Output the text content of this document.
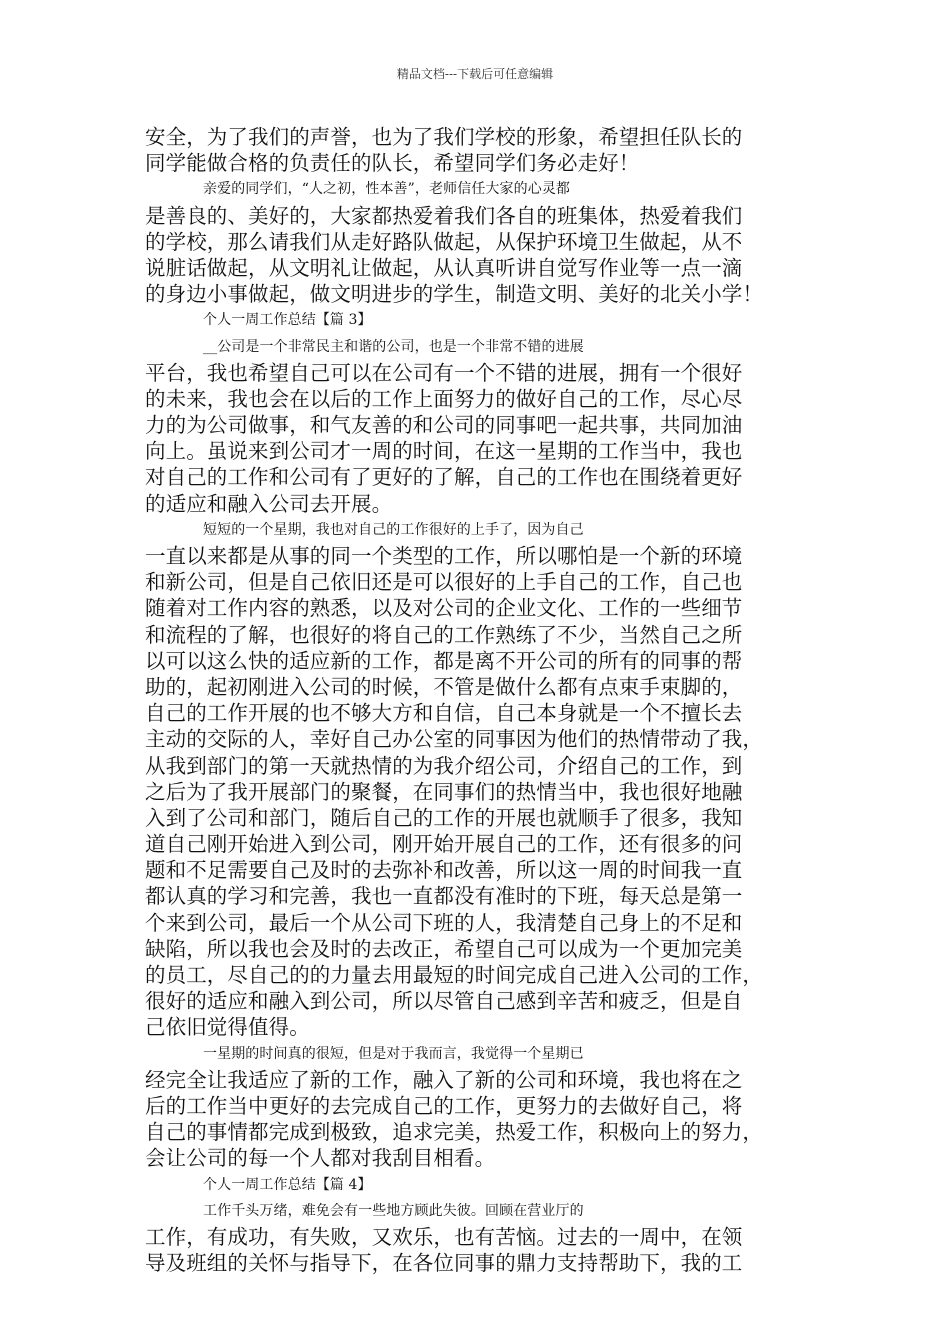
精品文档---下载后可任意编辑
安全，为了我们的声誉，也为了我们学校的形象，希望担任队长的
同学能做合格的负责任的队长，希望同学们务必走好！
亲爱的同学们，“人之初，性本善”，老师信任大家的心灵都
是善良的、美好的，大家都热爱着我们各自的班集体，热爱着我们
的学校，那么请我们从走好路队做起，从保护环境卫生做起，从不
说脏话做起，从文明礼让做起，从认真听讲自觉写作业等一点一滴
的身边小事做起，做文明进步的学生，制造文明、美好的北关小学！
个人一周工作总结【篇 3】
__公司是一个非常民主和谐的公司，也是一个非常不错的进展
平台，我也希望自己可以在公司有一个不错的进展，拥有一个很好
的未来，我也会在以后的工作上面努力的做好自己的工作，尽心尽
力的为公司做事，和气友善的和公司的同事吧一起共事，共同加油
向上。虽说来到公司才一周的时间，在这一星期的工作当中，我也
对自己的工作和公司有了更好的了解，自己的工作也在围绕着更好
的适应和融入公司去开展。
短短的一个星期，我也对自己的工作很好的上手了，因为自己
一直以来都是从事的同一个类型的工作，所以哪怕是一个新的环境
和新公司，但是自己依旧还是可以很好的上手自己的工作，自己也
随着对工作内容的熟悉，以及对公司的企业文化、工作的一些细节
和流程的了解，也很好的将自己的工作熟练了不少，当然自己之所
以可以这么快的适应新的工作，都是离不开公司的所有的同事的帮
助的，起初刚进入公司的时候，不管是做什么都有点束手束脚的，
自己的工作开展的也不够大方和自信，自己本身就是一个不擅长去
主动的交际的人，幸好自己办公室的同事因为他们的热情带动了我，
从我到部门的第一天就热情的为我介绍公司，介绍自己的工作，到
之后为了我开展部门的聚餐，在同事们的热情当中，我也很好地融
入到了公司和部门，随后自己的工作的开展也就顺手了很多，我知
道自己刚开始进入到公司，刚开始开展自己的工作，还有很多的问
题和不足需要自己及时的去弥补和改善，所以这一周的时间我一直
都认真的学习和完善，我也一直都没有准时的下班，每天总是第一
个来到公司，最后一个从公司下班的人，我清楚自己身上的不足和
缺陷，所以我也会及时的去改正，希望自己可以成为一个更加完美
的员工，尽自己的的力量去用最短的时间完成自己进入公司的工作，
很好的适应和融入到公司，所以尽管自己感到辛苦和疲乏，但是自
己依旧觉得值得。
一星期的时间真的很短，但是对于我而言，我觉得一个星期已
经完全让我适应了新的工作，融入了新的公司和环境，我也将在之
后的工作当中更好的去完成自己的工作，更努力的去做好自己，将
自己的事情都完成到极致，追求完美，热爱工作，积极向上的努力，
会让公司的每一个人都对我刮目相看。
个人一周工作总结【篇 4】
工作千头万绪，难免会有一些地方顾此失彼。回顾在营业厅的
工作，有成功，有失败，又欢乐，也有苦恼。过去的一周中，在领
导及班组的关怀与指导下，在各位同事的鼎力支持帮助下，我的工
